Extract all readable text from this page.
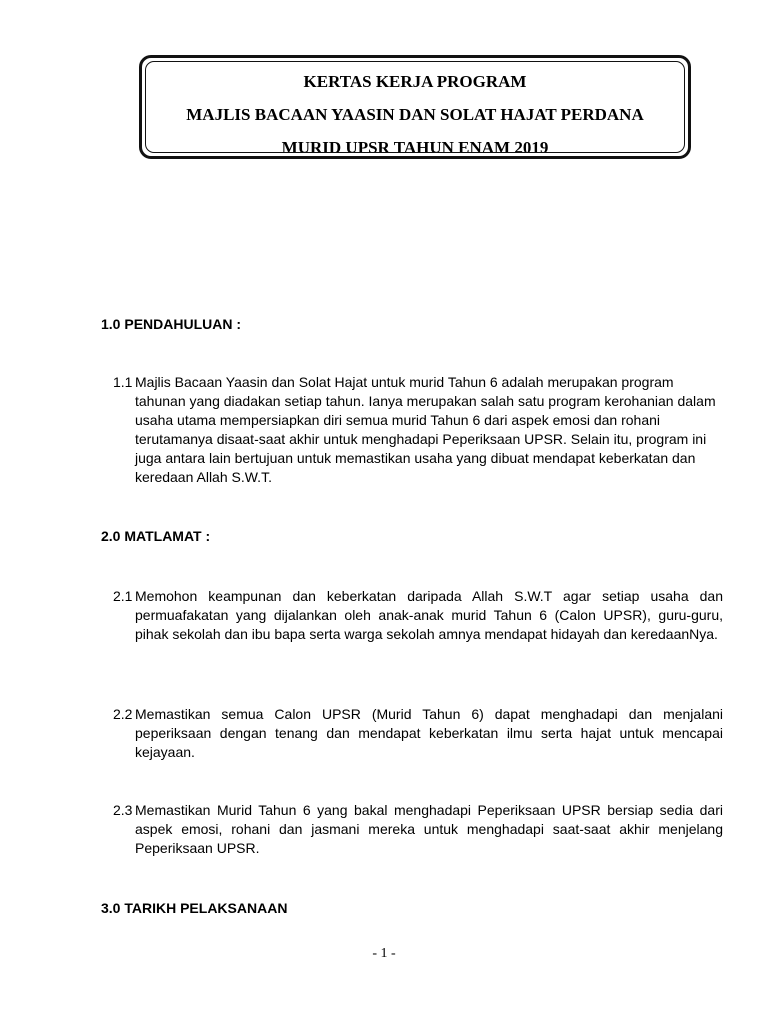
KERTAS KERJA PROGRAM
MAJLIS BACAAN YAASIN DAN SOLAT HAJAT PERDANA
MURID UPSR TAHUN ENAM 2019
1.0 PENDAHULUAN :
1.1 Majlis Bacaan Yaasin dan Solat Hajat untuk murid Tahun 6 adalah merupakan program tahunan yang diadakan setiap tahun. Ianya merupakan salah satu program kerohanian dalam usaha utama mempersiapkan diri semua murid Tahun 6 dari aspek emosi dan rohani terutamanya disaat-saat akhir untuk menghadapi Peperiksaan UPSR. Selain itu, program ini juga antara lain bertujuan untuk memastikan usaha yang dibuat mendapat keberkatan dan keredaan Allah S.W.T.
2.0 MATLAMAT :
2.1 Memohon keampunan dan keberkatan daripada Allah S.W.T agar setiap usaha dan permuafakatan yang dijalankan oleh anak-anak murid Tahun 6 (Calon UPSR), guru-guru, pihak sekolah dan ibu bapa serta warga sekolah amnya mendapat hidayah dan keredaanNya.
2.2 Memastikan semua Calon UPSR (Murid Tahun 6) dapat menghadapi dan menjalani peperiksaan dengan tenang dan mendapat keberkatan ilmu serta hajat untuk mencapai kejayaan.
2.3 Memastikan Murid Tahun 6 yang bakal menghadapi Peperiksaan UPSR bersiap sedia dari aspek emosi, rohani dan jasmani mereka untuk menghadapi saat-saat akhir menjelang Peperiksaan UPSR.
3.0 TARIKH PELAKSANAAN
- 1 -
